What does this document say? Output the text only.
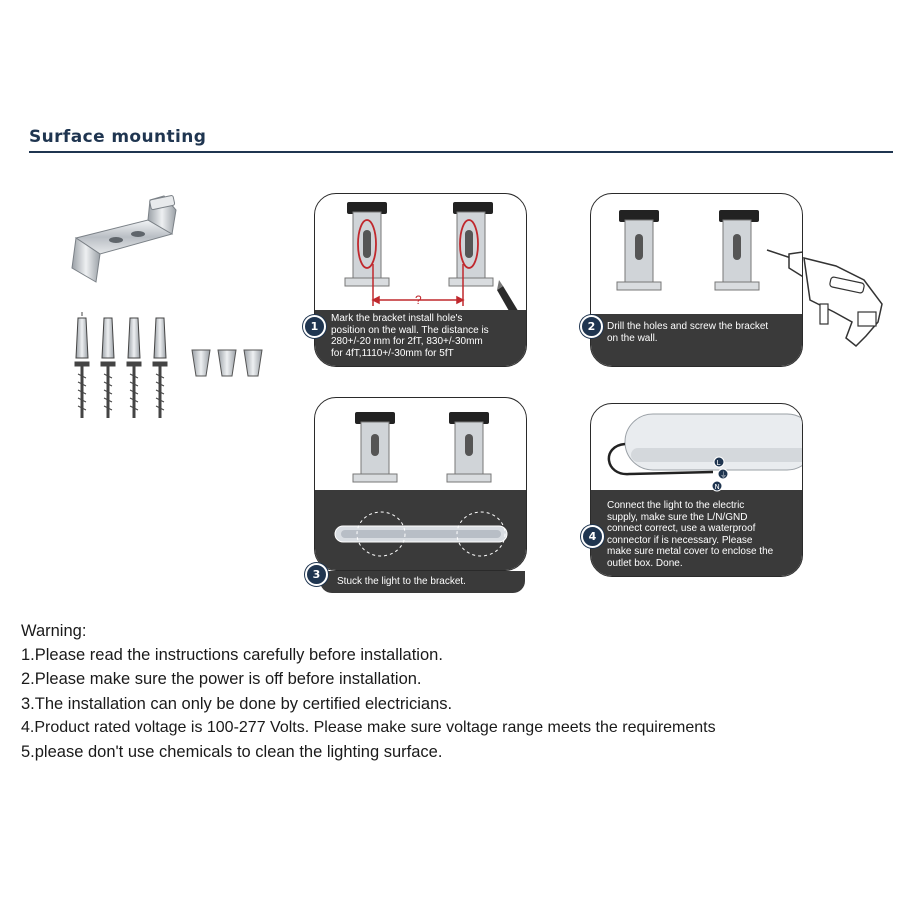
Surface mounting
?

Mark the bracket install hole's
position on the wall. The distance is
280+/-20 mm for 2fT, 830+/-30mm
for 4fT,1110+/-30mm for 5fT

1	Drill the holes and screw the bracket
on the wall.

2

Stuck the light to the bracket.

3
L
⏚
N

Connect the light to the electric
supply, make sure the L/N/GND
connect correct, use a waterproof
connector if is necessary. Please
make sure metal cover to enclose the
outlet box. Done.

4
Warning:
1.Please read the instructions carefully before installation.
2.Please make sure the power is off before installation.
3.The installation can only be done by certified electricians.
4.Product rated voltage is 100-277 Volts. Please make sure voltage range meets the requirements
5.please don't use chemicals to clean the lighting surface.
